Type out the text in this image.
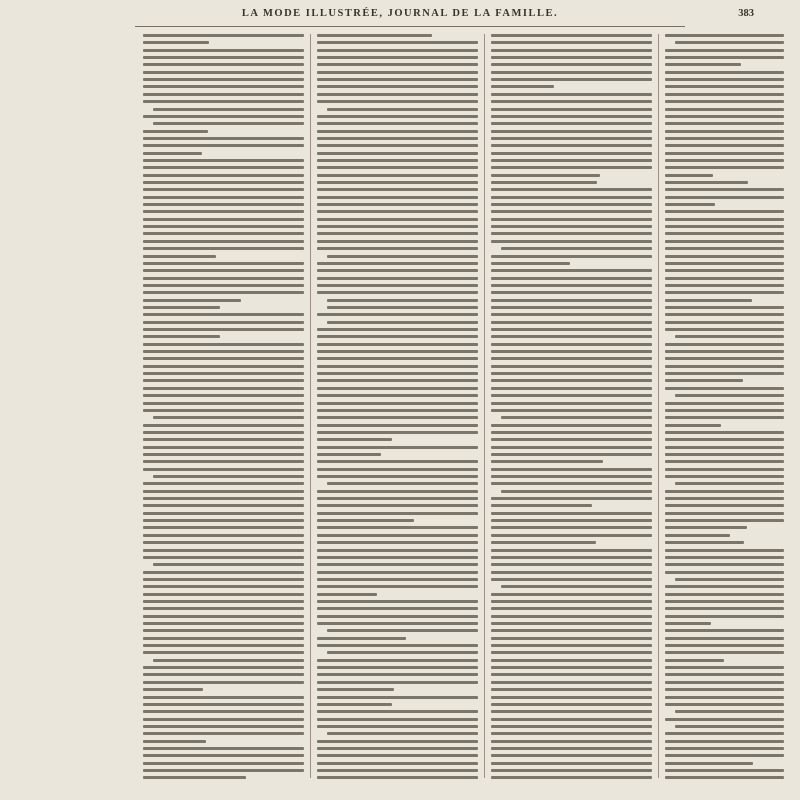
LA MODE ILLUSTRÉE, JOURNAL DE LA FAMILLE.	383
